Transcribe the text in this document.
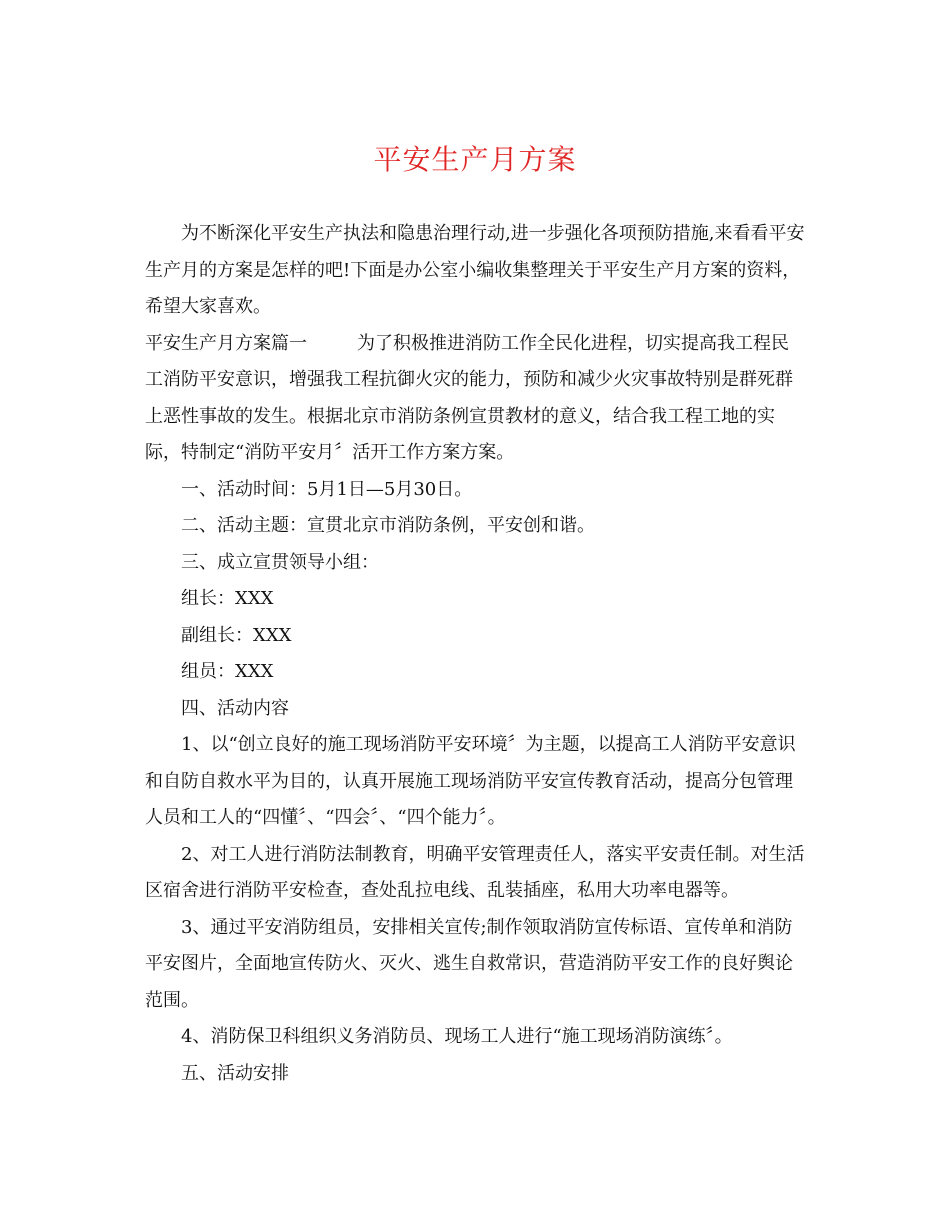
平安生产月方案

为不断深化平安生产执法和隐患治理行动,进一步强化各项预防措施,来看看平安生产月的方案是怎样的吧!下面是办公室小编收集整理关于平安生产月方案的资料，希望大家喜欢。

平安生产月方案篇一	为了积极推进消防工作全民化进程，切实提高我工程民工消防平安意识，增强我工程抗御火灾的能力，预防和减少火灾事故特别是群死群上恶性事故的发生。根据北京市消防条例宣贯教材的意义，结合我工程工地的实际，特制定“消防平安月〞活开工作方案方案。

一、活动时间：5月1日—5月30日。

二、活动主题：宣贯北京市消防条例，平安创和谐。

三、成立宣贯领导小组：

组长：XXX

副组长：XXX

组员：XXX

四、活动内容

1、以“创立良好的施工现场消防平安环境〞为主题，以提高工人消防平安意识和自防自救水平为目的，认真开展施工现场消防平安宣传教育活动，提高分包管理人员和工人的“四懂〞、“四会〞、“四个能力〞。

2、对工人进行消防法制教育，明确平安管理责任人，落实平安责任制。对生活区宿舍进行消防平安检查，查处乱拉电线、乱装插座，私用大功率电器等。

3、通过平安消防组员，安排相关宣传;制作领取消防宣传标语、宣传单和消防平安图片，全面地宣传防火、灭火、逃生自救常识，营造消防平安工作的良好舆论范围。

4、消防保卫科组织义务消防员、现场工人进行“施工现场消防演练〞。

五、活动安排
